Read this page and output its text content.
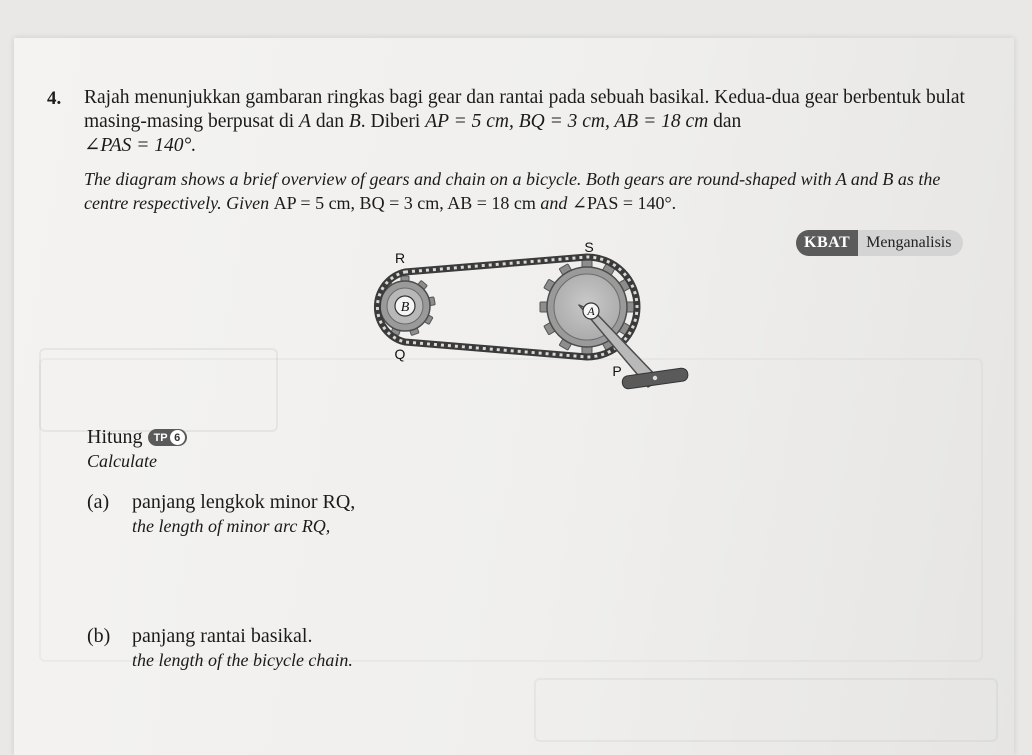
4. Rajah menunjukkan gambaran ringkas bagi gear dan rantai pada sebuah basikal. Kedua-dua gear berbentuk bulat masing-masing berpusat di A dan B. Diberi AP = 5 cm, BQ = 3 cm, AB = 18 cm dan
∠PAS = 140°.
The diagram shows a brief overview of gears and chain on a bicycle. Both gears are round-shaped with A and B as the centre respectively. Given AP = 5 cm, BQ = 3 cm, AB = 18 cm and ∠PAS = 140°.
KBAT	Menganalisis
B	A
R
S
Q
P
Hitung TP 6
Calculate
(a) panjang lengkok minor RQ,
the length of minor arc RQ,
(b) panjang rantai basikal.
the length of the bicycle chain.
